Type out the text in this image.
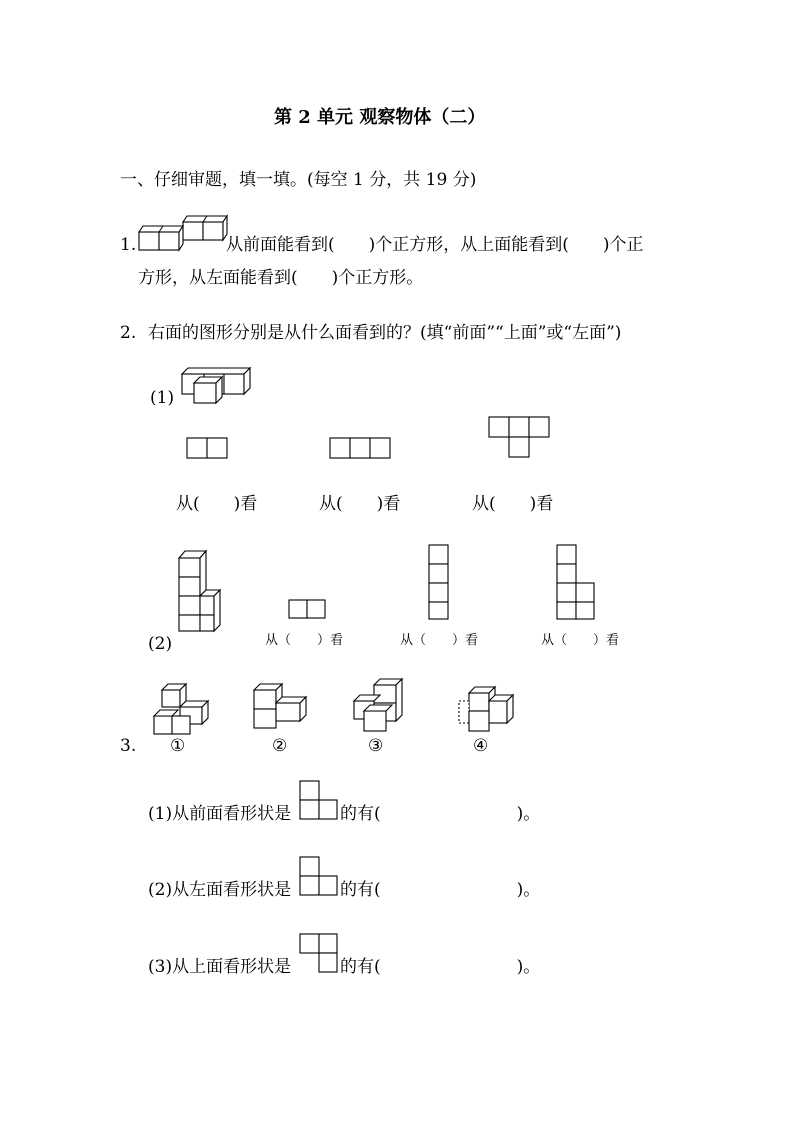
第 2 单元 观察物体（二）
一、仔细审题，填一填。(每空 1 分，共 19 分)
1.	从前面能看到(　　)个正方形，从上面能看到(　　)个正
方形，从左面能看到(　　)个正方形。
2. 右面的图形分别是从什么面看到的？(填“前面”“上面”或“左面”)
(1)
从(　　)看	从(　　)看	从(　　)看
(2)	从（　　）看	从（　　）看	从（　　）看
3. ①	②	③	④
(1)从前面看形状是	的有(　　　　　　　　)。
(2)从左面看形状是	的有(　　　　　　　　)。
(3)从上面看形状是	的有(　　　　　　　　)。
